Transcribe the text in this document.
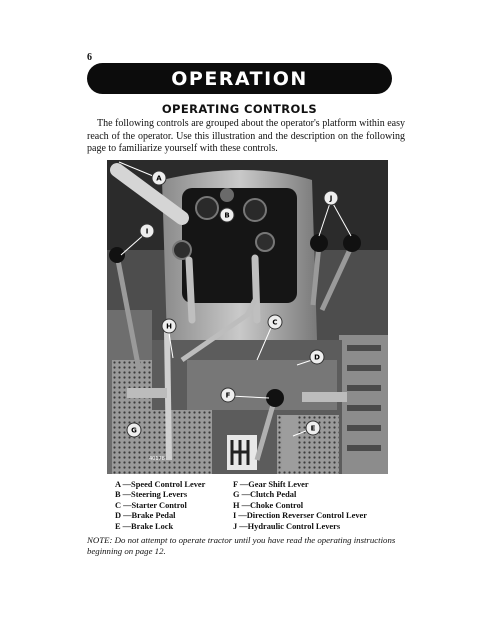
6
OPERATION
OPERATING CONTROLS
The following controls are grouped about the operator's platform within easy reach of the operator. Use this illustration and the description on the following page to familiarize yourself with these controls.
A
B
C
D
E
F
G
H
I
J
40178
A —Speed Control Lever
B —Steering Levers
C —Starter Control
D —Brake Pedal
E —Brake Lock
F —Gear Shift Lever
G —Clutch Pedal
H —Choke Control
I —Direction Reverser Control Lever
J —Hydraulic Control Levers
NOTE: Do not attempt to operate tractor until you have read the operating instructions
beginning on page 12.
